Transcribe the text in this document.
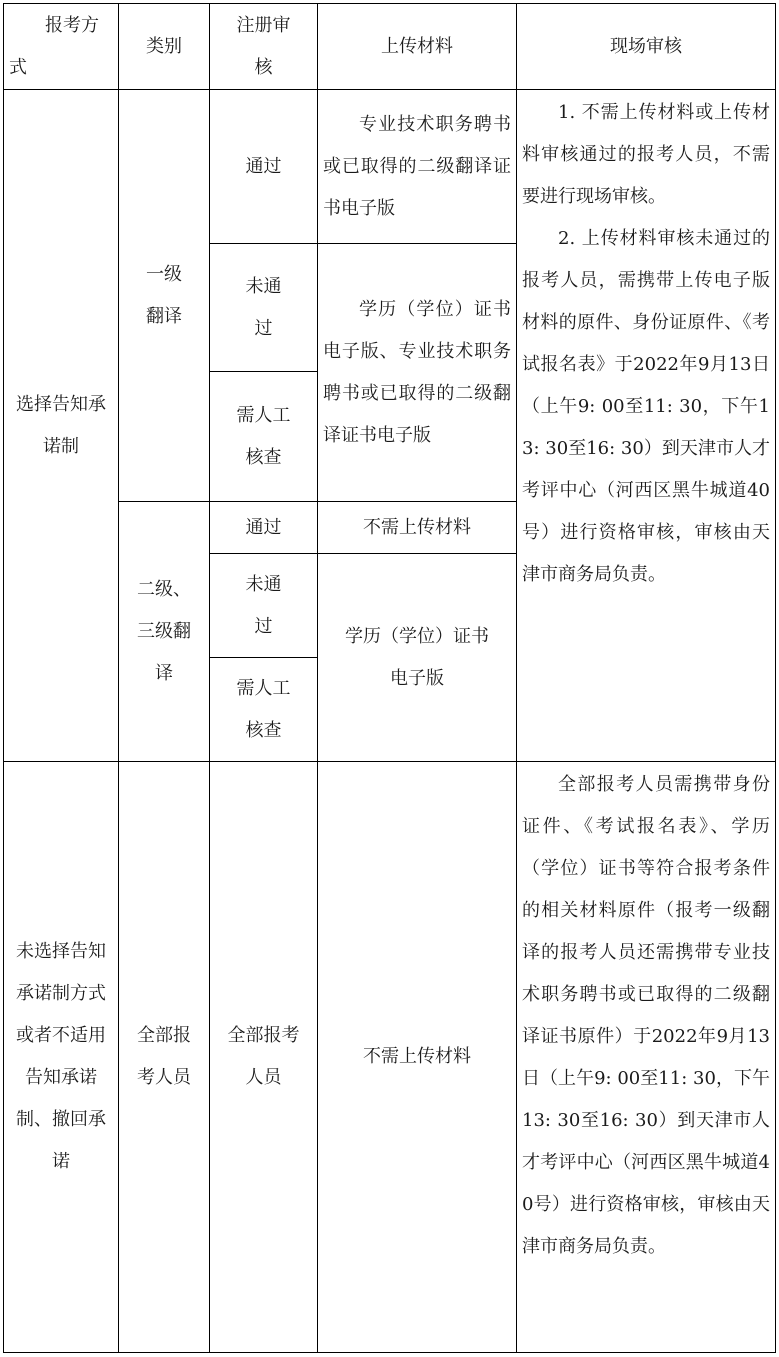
报考方式	类别	注册审核	上传材料	现场审核
选择告知承诺制	一级翻译	通过	专业技术职务聘书或已取得的二级翻译证书电子版	1. 不需上传材料或上传材料审核通过的报考人员，不需要进行现场审核。

2. 上传材料审核未通过的报考人员，需携带上传电子版材料的原件、身份证原件、《考试报名表》于2022年9月13日（上午9: 00至11: 30，下午13: 30至16: 30）到天津市人才考评中心（河西区黑牛城道40号）进行资格审核，审核由天津市商务局负责。

		未通过	学历（学位）证书电子版、专业技术职务聘书或已取得的二级翻译证书电子版	
		需人工核查		
	二级、三级翻译	通过	不需上传材料	
		未通过	学历（学位）证书电子版	
		需人工核查		
未选择告知承诺制方式或者不适用告知承诺制、撤回承诺	全部报考人员	全部报考人员	不需上传材料	全部报考人员需携带身份证件、《考试报名表》、学历（学位）证书等符合报考条件的相关材料原件（报考一级翻译的报考人员还需携带专业技术职务聘书或已取得的二级翻译证书原件）于2022年9月13日（上午9: 00至11: 30，下午13: 30至16: 30）到天津市人才考评中心（河西区黑牛城道40号）进行资格审核，审核由天津市商务局负责。
